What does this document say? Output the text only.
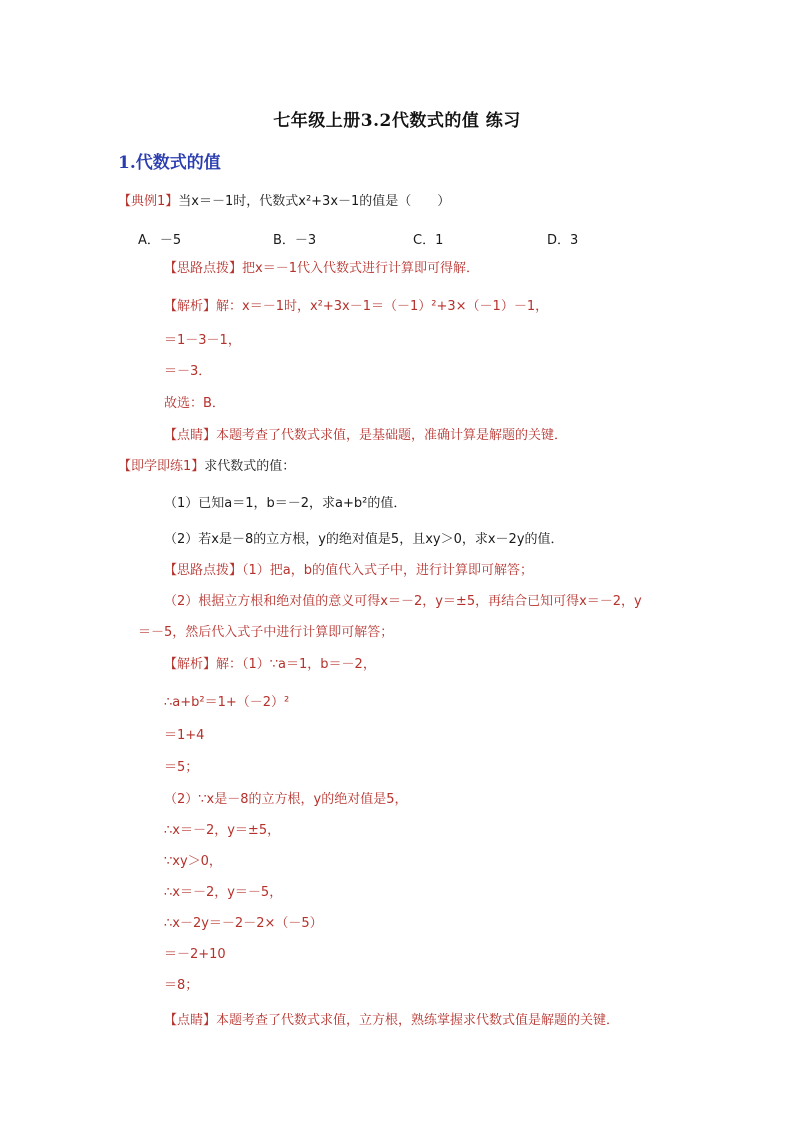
七年级上册3.2代数式的值 练习
1.代数式的值
【典例1】当x＝－1时，代数式x²+3x－1的值是（　　）
A．－5	B．－3	C．1	D．3
【思路点拨】把x＝－1代入代数式进行计算即可得解．
【解析】解：x＝－1时，x²+3x－1＝（－1）²+3×（－1）－1，
＝1－3－1，
＝－3．
故选：B．
【点睛】本题考查了代数式求值，是基础题，准确计算是解题的关键．
【即学即练1】求代数式的值：
（1）已知a＝1，b＝－2，求a+b²的值．
（2）若x是－8的立方根，y的绝对值是5，且xy＞0，求x－2y的值．
【思路点拨】（1）把a，b的值代入式子中，进行计算即可解答；
（2）根据立方根和绝对值的意义可得x＝－2，y＝±5，再结合已知可得x＝－2，y
＝－5，然后代入式子中进行计算即可解答；
【解析】解：（1）∵a＝1，b＝－2，
∴a+b²＝1+（－2）²
＝1+4
＝5；
（2）∵x是－8的立方根，y的绝对值是5，
∴x＝－2，y＝±5，
∵xy＞0，
∴x＝－2，y＝－5，
∴x－2y＝－2－2×（－5）
＝－2+10
＝8；
【点睛】本题考查了代数式求值，立方根，熟练掌握求代数式值是解题的关键．
